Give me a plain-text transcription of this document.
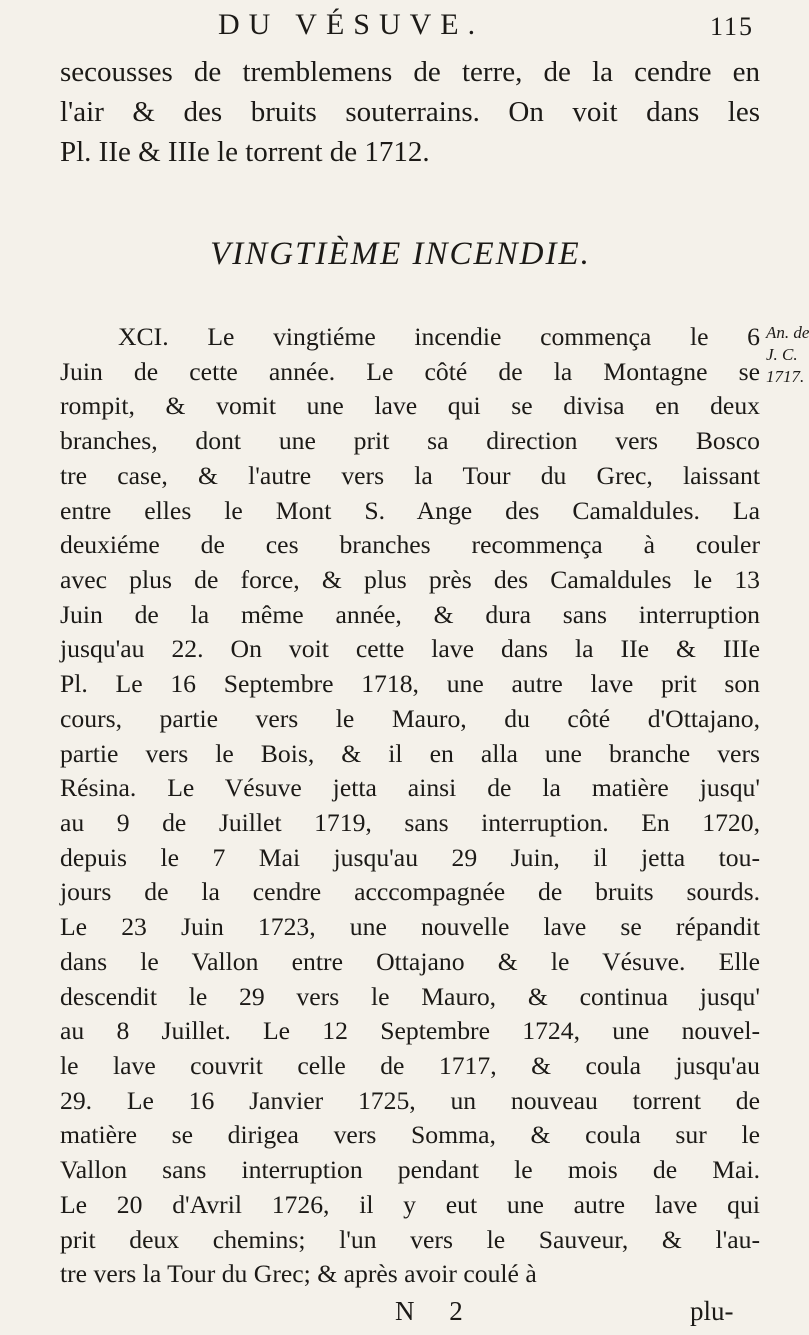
DU VÉSUVE.	115
secousses de tremblemens de terre, de la cendre en
l'air & des bruits souterrains. On voit dans les
Pl. IIe & IIIe le torrent de 1712.
VINGTIÈME INCENDIE.
XCI. Le vingtiéme incendie commença le 6
Juin de cette année. Le côté de la Montagne se
rompit, & vomit une lave qui se divisa en deux
branches, dont une prit sa direction vers Bosco
tre case, & l'autre vers la Tour du Grec, laissant
entre elles le Mont S. Ange des Camaldules. La
deuxiéme de ces branches recommença à couler
avec plus de force, & plus près des Camaldules le 13
Juin de la même année, & dura sans interruption
jusqu'au 22. On voit cette lave dans la IIe & IIIe
Pl. Le 16 Septembre 1718, une autre lave prit son
cours, partie vers le Mauro, du côté d'Ottajano,
partie vers le Bois, & il en alla une branche vers
Résina. Le Vésuve jetta ainsi de la matière jusqu'
au 9 de Juillet 1719, sans interruption. En 1720,
depuis le 7 Mai jusqu'au 29 Juin, il jetta tou-
jours de la cendre acccompagnée de bruits sourds.
Le 23 Juin 1723, une nouvelle lave se répandit
dans le Vallon entre Ottajano & le Vésuve. Elle
descendit le 29 vers le Mauro, & continua jusqu'
au 8 Juillet. Le 12 Septembre 1724, une nouvel-
le lave couvrit celle de 1717, & coula jusqu'au
29. Le 16 Janvier 1725, un nouveau torrent de
matière se dirigea vers Somma, & coula sur le
An. de
J. C.
1717.
N 2	plu-
Vallon sans interruption pendant le mois de Mai.
Le 20 d'Avril 1726, il y eut une autre lave qui
prit deux chemins; l'un vers le Sauveur, & l'au-
tre vers la Tour du Grec; & après avoir coulé à
